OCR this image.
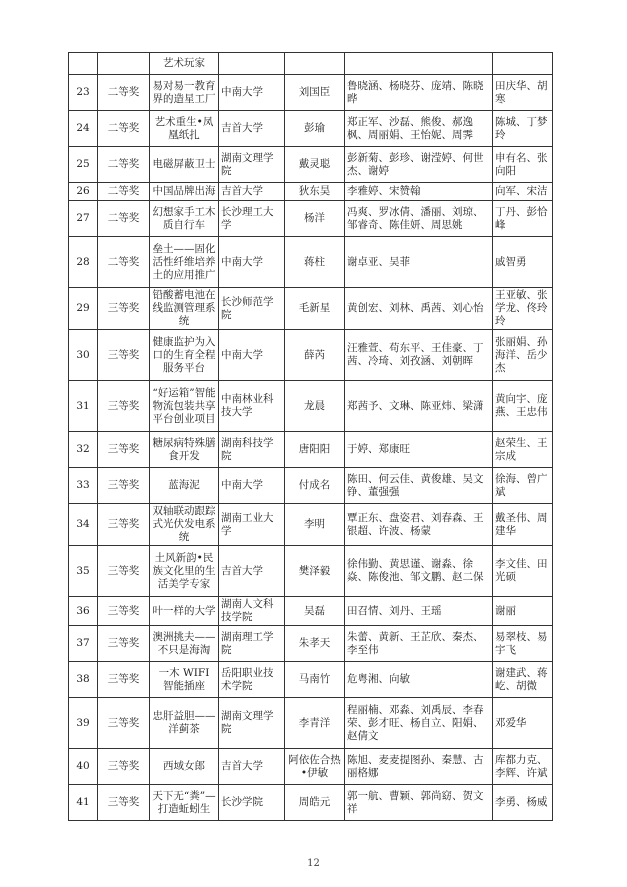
		艺术玩家				
23	二等奖	易对易一教育界的造星工厂	中南大学	刘国臣	鲁晓涵、杨晓芬、庞靖、陈晓晔	田庆华、胡寒
24	二等奖	艺术重生•凤凰纸扎	吉首大学	彭瑜	郑正军、沙磊、熊俊、郝逸枫、周丽娟、王怡妮、周霁	陈城、丁梦玲
25	二等奖	电磁屏蔽卫士	湖南文理学院	戴灵聪	彭新菊、彭珍、谢滢婷、何世杰、谢婷	申有名、张向阳
26	二等奖	中国品牌出海	吉首大学	狄东昊	李雅婷、宋赞翰	向军、宋洁
27	二等奖	幻想家手工木质自行车	长沙理工大学	杨洋	冯爽、罗冰倩、潘丽、刘琼、邹睿奇、陈佳妍、周思姚	丁丹、彭恰峰
28	二等奖	垒土——固化活性纤维培养土的应用推广	中南大学	蒋柱	谢卓亚、吴菲	戚智勇
29	三等奖	铅酸蓄电池在线监测管理系统	长沙师范学院	毛新星	黄创宏、刘林、禹茜、刘心怡	王亚敏、张学龙、佟玲玲
30	三等奖	健康监护为入口的生育全程服务平台	中南大学	薛芮	汪雅萱、苟东平、王佳豪、丁茜、冷琦、刘孜涵、刘朝晖	张丽娟、孙海洋、岳少杰
31	三等奖	“好运箱”智能物流包装共享平台创业项目	中南林业科技大学	龙晨	郑茜予、文琳、陈亚炜、梁潇	黄向宇、庞燕、王忠伟
32	三等奖	糖尿病特殊膳食开发	湖南科技学院	唐阳阳	于婷、郑康旺	赵荣生、王宗成
33	三等奖	蓝海泥	中南大学	付成名	陈田、何云佳、黄俊雄、吴文铮、董强强	徐海、曾广斌
34	三等奖	双轴联动跟踪式光伏发电系统	湖南工业大学	李明	覃正东、盘姿君、刘春森、王银超、许波、杨蒙	戴圣伟、周建华
35	三等奖	土风新韵•民族文化里的生活美学专家	吉首大学	樊泽毅	徐伟勤、黄思谨、谢淼、徐焱、陈俊池、邹文鹏、赵二保	李文佳、田光硕
36	三等奖	叶一样的大学	湖南人文科技学院	吴磊	田召情、刘丹、王瑶	谢丽
37	三等奖	澳洲挑夫——不只是海淘	湖南理工学院	朱孝天	朱蕾、黄新、王芷欣、秦杰、李至伟	易翠枝、易宇飞
38	三等奖	一木 WIFI 智能插座	岳阳职业技术学院	马南竹	危粤湘、向敏	谢建武、蒋屹、胡微
39	三等奖	忠肝益胆——洋蓟茶	湖南文理学院	李青洋	程丽楠、邓淼、刘禹辰、李春荣、彭才旺、杨自立、阳娟、赵倩文	邓爱华
40	三等奖	西域女郎	吉首大学	阿依佐合热•伊敏	陈旭、麦麦提图孙、秦慧、古丽格娜	库都力克、李辉、许斌
41	三等奖	天下无“粪”—打造蚯蚓生	长沙学院	周皓元	郭一航、曹颖、郭尚窈、贺文祥	李勇、杨威
12
